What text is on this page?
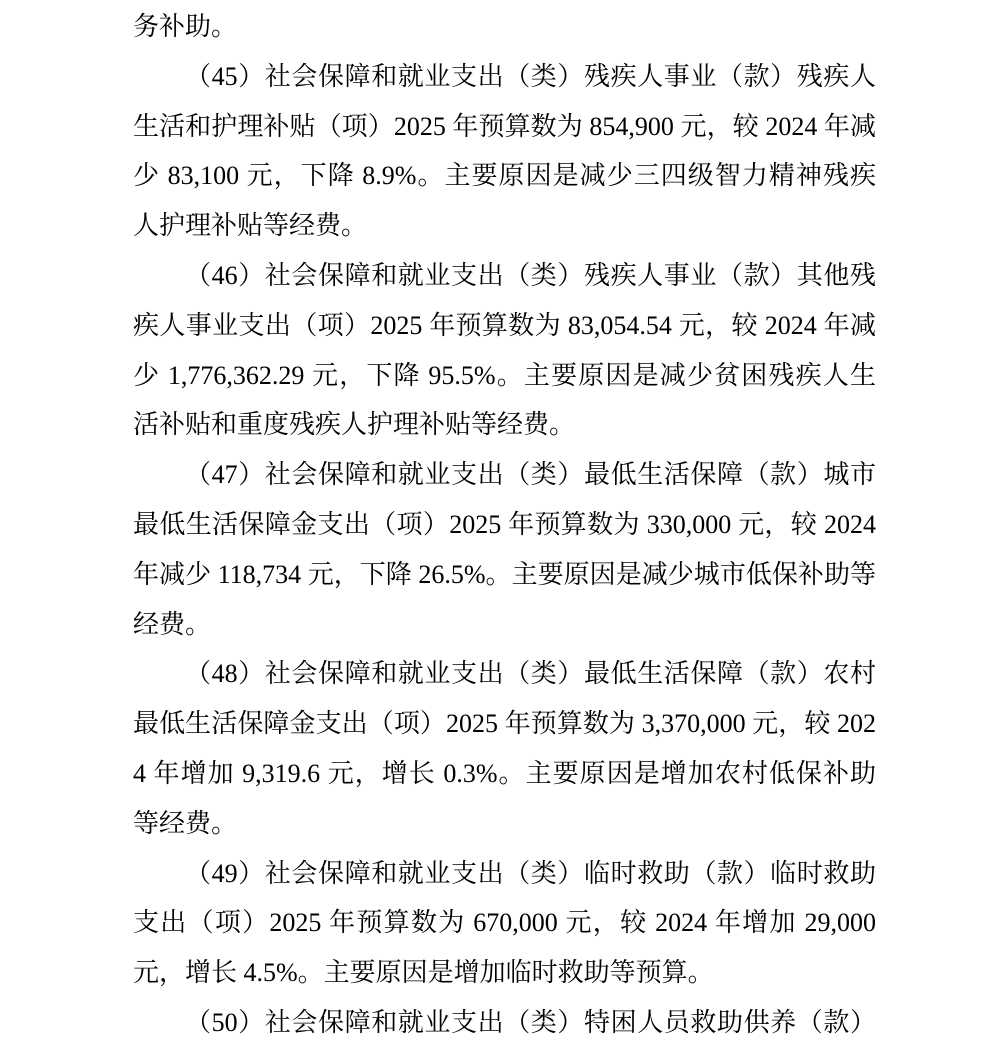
务补助。

（45）社会保障和就业支出（类）残疾人事业（款）残疾人生活和护理补贴（项）2025 年预算数为 854,900 元，较 2024 年减少 83,100 元，下降 8.9%。主要原因是减少三四级智力精神残疾人护理补贴等经费。

（46）社会保障和就业支出（类）残疾人事业（款）其他残疾人事业支出（项）2025 年预算数为 83,054.54 元，较 2024 年减少 1,776,362.29 元，下降 95.5%。主要原因是减少贫困残疾人生活补贴和重度残疾人护理补贴等经费。

（47）社会保障和就业支出（类）最低生活保障（款）城市最低生活保障金支出（项）2025 年预算数为 330,000 元，较 2024 年减少 118,734 元，下降 26.5%。主要原因是减少城市低保补助等经费。

（48）社会保障和就业支出（类）最低生活保障（款）农村最低生活保障金支出（项）2025 年预算数为 3,370,000 元，较 2024 年增加 9,319.6 元，增长 0.3%。主要原因是增加农村低保补助等经费。

（49）社会保障和就业支出（类）临时救助（款）临时救助支出（项）2025 年预算数为 670,000 元，较 2024 年增加 29,000 元，增长 4.5%。主要原因是增加临时救助等预算。

（50）社会保障和就业支出（类）特困人员救助供养（款）
